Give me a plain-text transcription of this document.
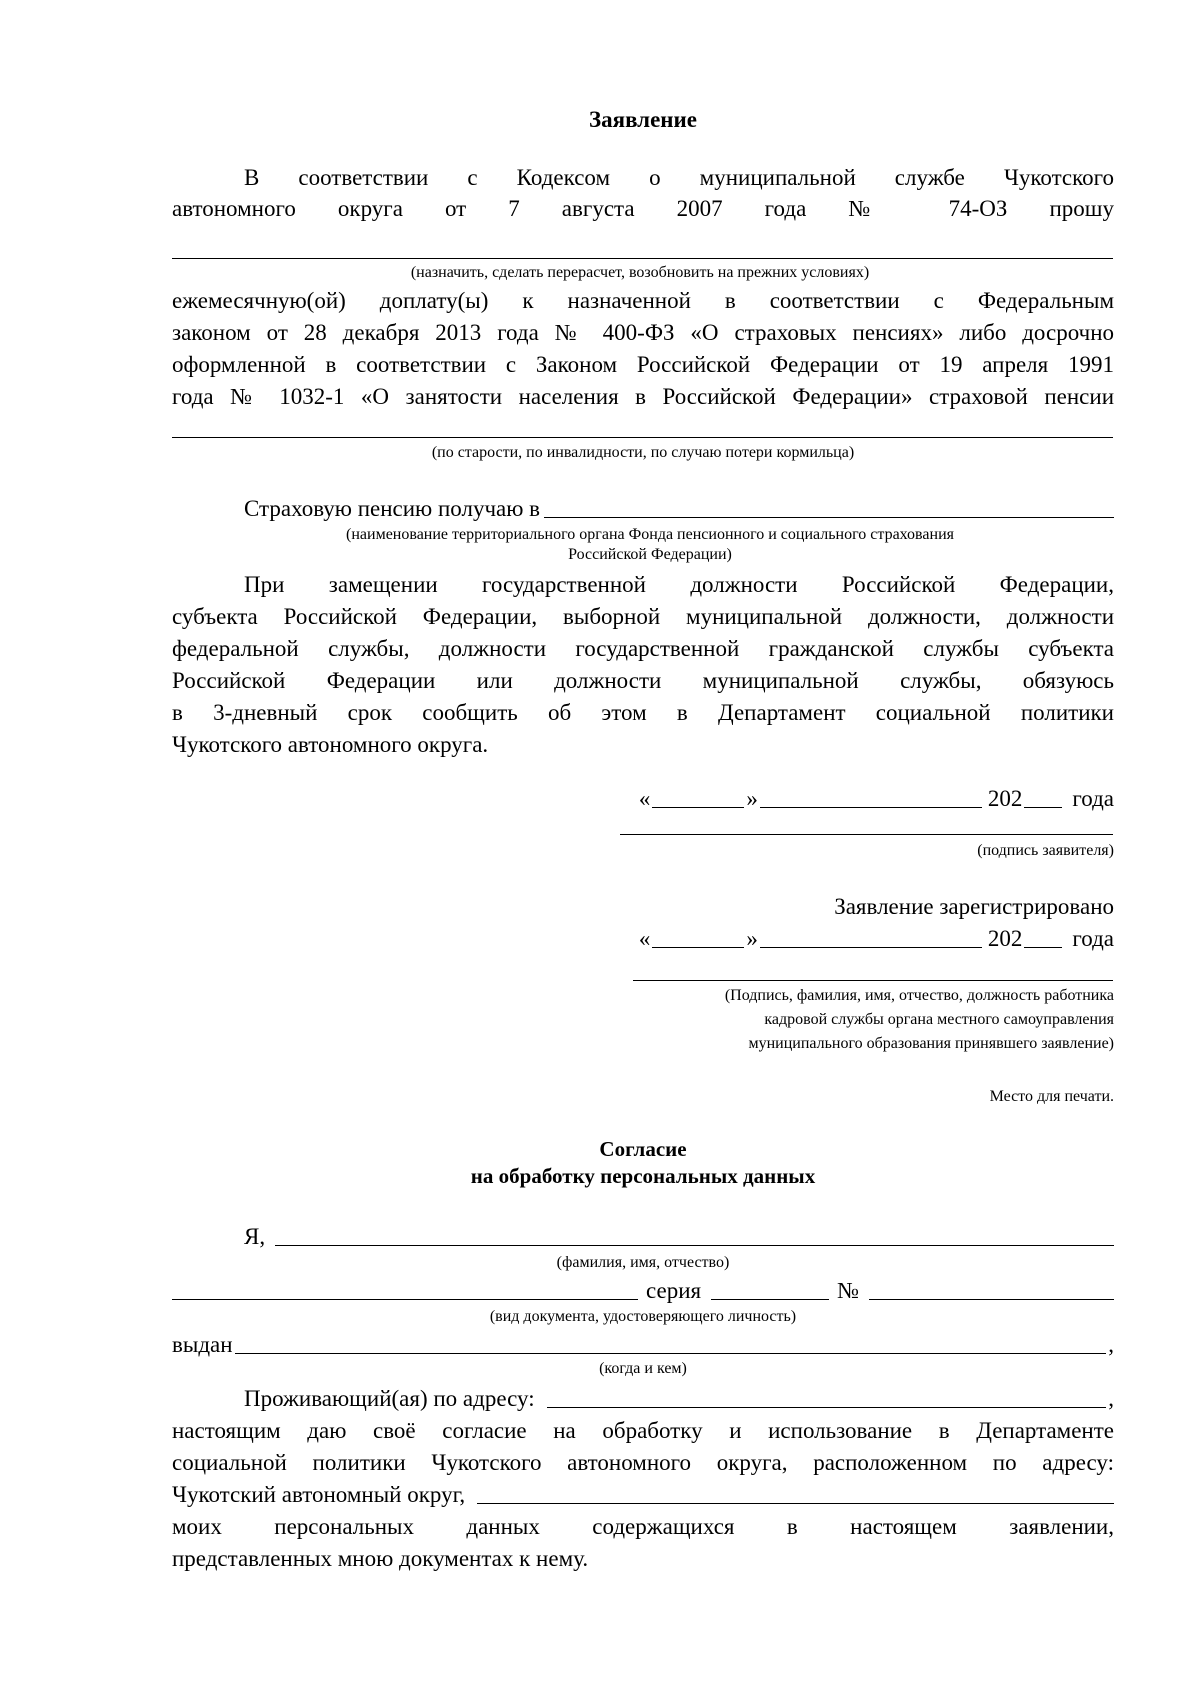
Заявление
В соответствии с Кодексом о муниципальной службе Чукотского
автономного округа от 7 августа 2007 года № 74-ОЗ прошу
(назначить, сделать перерасчет, возобновить на прежних условиях)
ежемесячную(ой) доплату(ы) к назначенной в соответствии с Федеральным
законом от 28 декабря 2013 года № 400-ФЗ «О страховых пенсиях» либо досрочно
оформленной в соответствии с Законом Российской Федерации от 19 апреля 1991
года № 1032-1 «О занятости населения в Российской Федерации» страховой пенсии
(по старости, по инвалидности, по случаю потери кормильца)
Страховую пенсию получаю в
(наименование территориального органа Фонда пенсионного и социального страхования
Российской Федерации)
При замещении государственной должности Российской Федерации,
субъекта Российской Федерации, выборной муниципальной должности, должности
федеральной службы, должности государственной гражданской службы субъекта
Российской Федерации или должности муниципальной службы, обязуюсь
в 3-дневный срок сообщить об этом в Департамент социальной политики
Чукотского автономного округа.
«	»	202 года
(подпись заявителя)
Заявление зарегистрировано
«	»	202 года
(Подпись, фамилия, имя, отчество, должность работника
кадровой службы органа местного самоуправления
муниципального образования принявшего заявление)
Место для печати.
Согласие
на обработку персональных данных
Я,
(фамилия, имя, отчество)
серия	№
(вид документа, удостоверяющего личность)
выдан	,
(когда и кем)
Проживающий(ая) по адресу:	,
настоящим даю своё согласие на обработку и использование в Департаменте
социальной политики Чукотского автономного округа, расположенном по адресу:
Чукотский автономный округ,
моих персональных данных содержащихся в настоящем заявлении,
представленных мною документах к нему.
